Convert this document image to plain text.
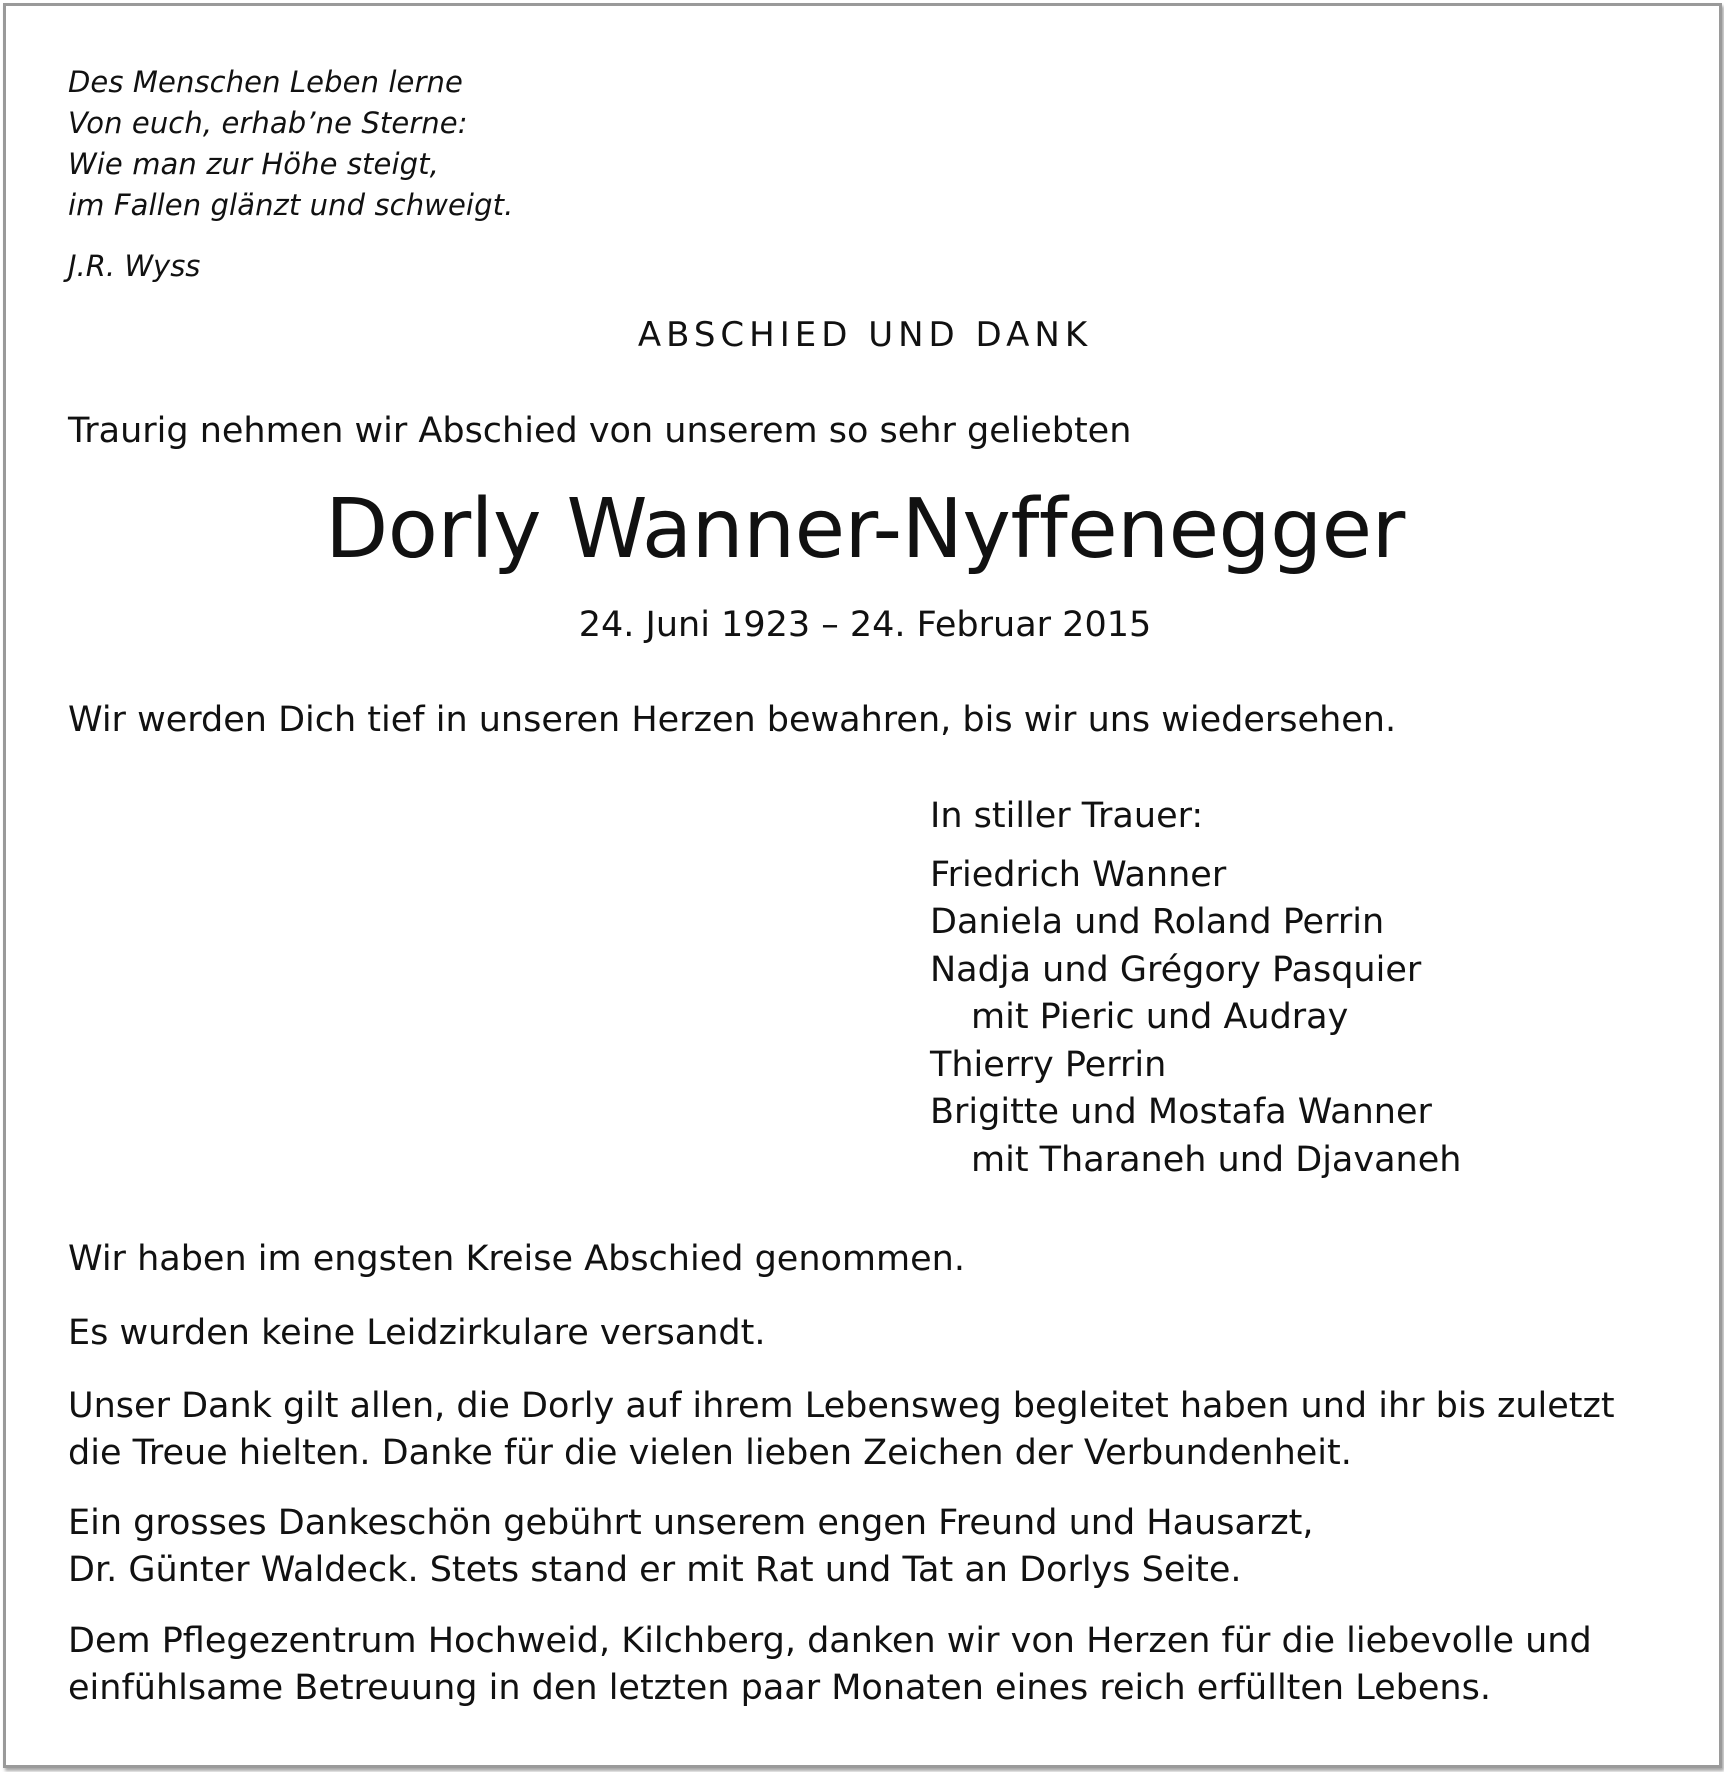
Des Menschen Leben lerne
Von euch, erhab’ne Sterne:
Wie man zur Höhe steigt,
im Fallen glänzt und schweigt.
J.R. Wyss
ABSCHIED UND DANK
Traurig nehmen wir Abschied von unserem so sehr geliebten
Dorly Wanner-Nyffenegger
24. Juni 1923 – 24. Februar 2015
Wir werden Dich tief in unseren Herzen bewahren, bis wir uns wiedersehen.
In stiller Trauer:
Friedrich Wanner
Daniela und Roland Perrin
Nadja und Grégory Pasquier
mit Pieric und Audray
Thierry Perrin
Brigitte und Mostafa Wanner
mit Tharaneh und Djavaneh
Wir haben im engsten Kreise Abschied genommen.
Es wurden keine Leidzirkulare versandt.
Unser Dank gilt allen, die Dorly auf ihrem Lebensweg begleitet haben und ihr bis zuletzt
die Treue hielten. Danke für die vielen lieben Zeichen der Verbundenheit.
Ein grosses Dankeschön gebührt unserem engen Freund und Hausarzt,
Dr. Günter Waldeck. Stets stand er mit Rat und Tat an Dorlys Seite.
Dem Pflegezentrum Hochweid, Kilchberg, danken wir von Herzen für die liebevolle und
einfühlsame Betreuung in den letzten paar Monaten eines reich erfüllten Lebens.
